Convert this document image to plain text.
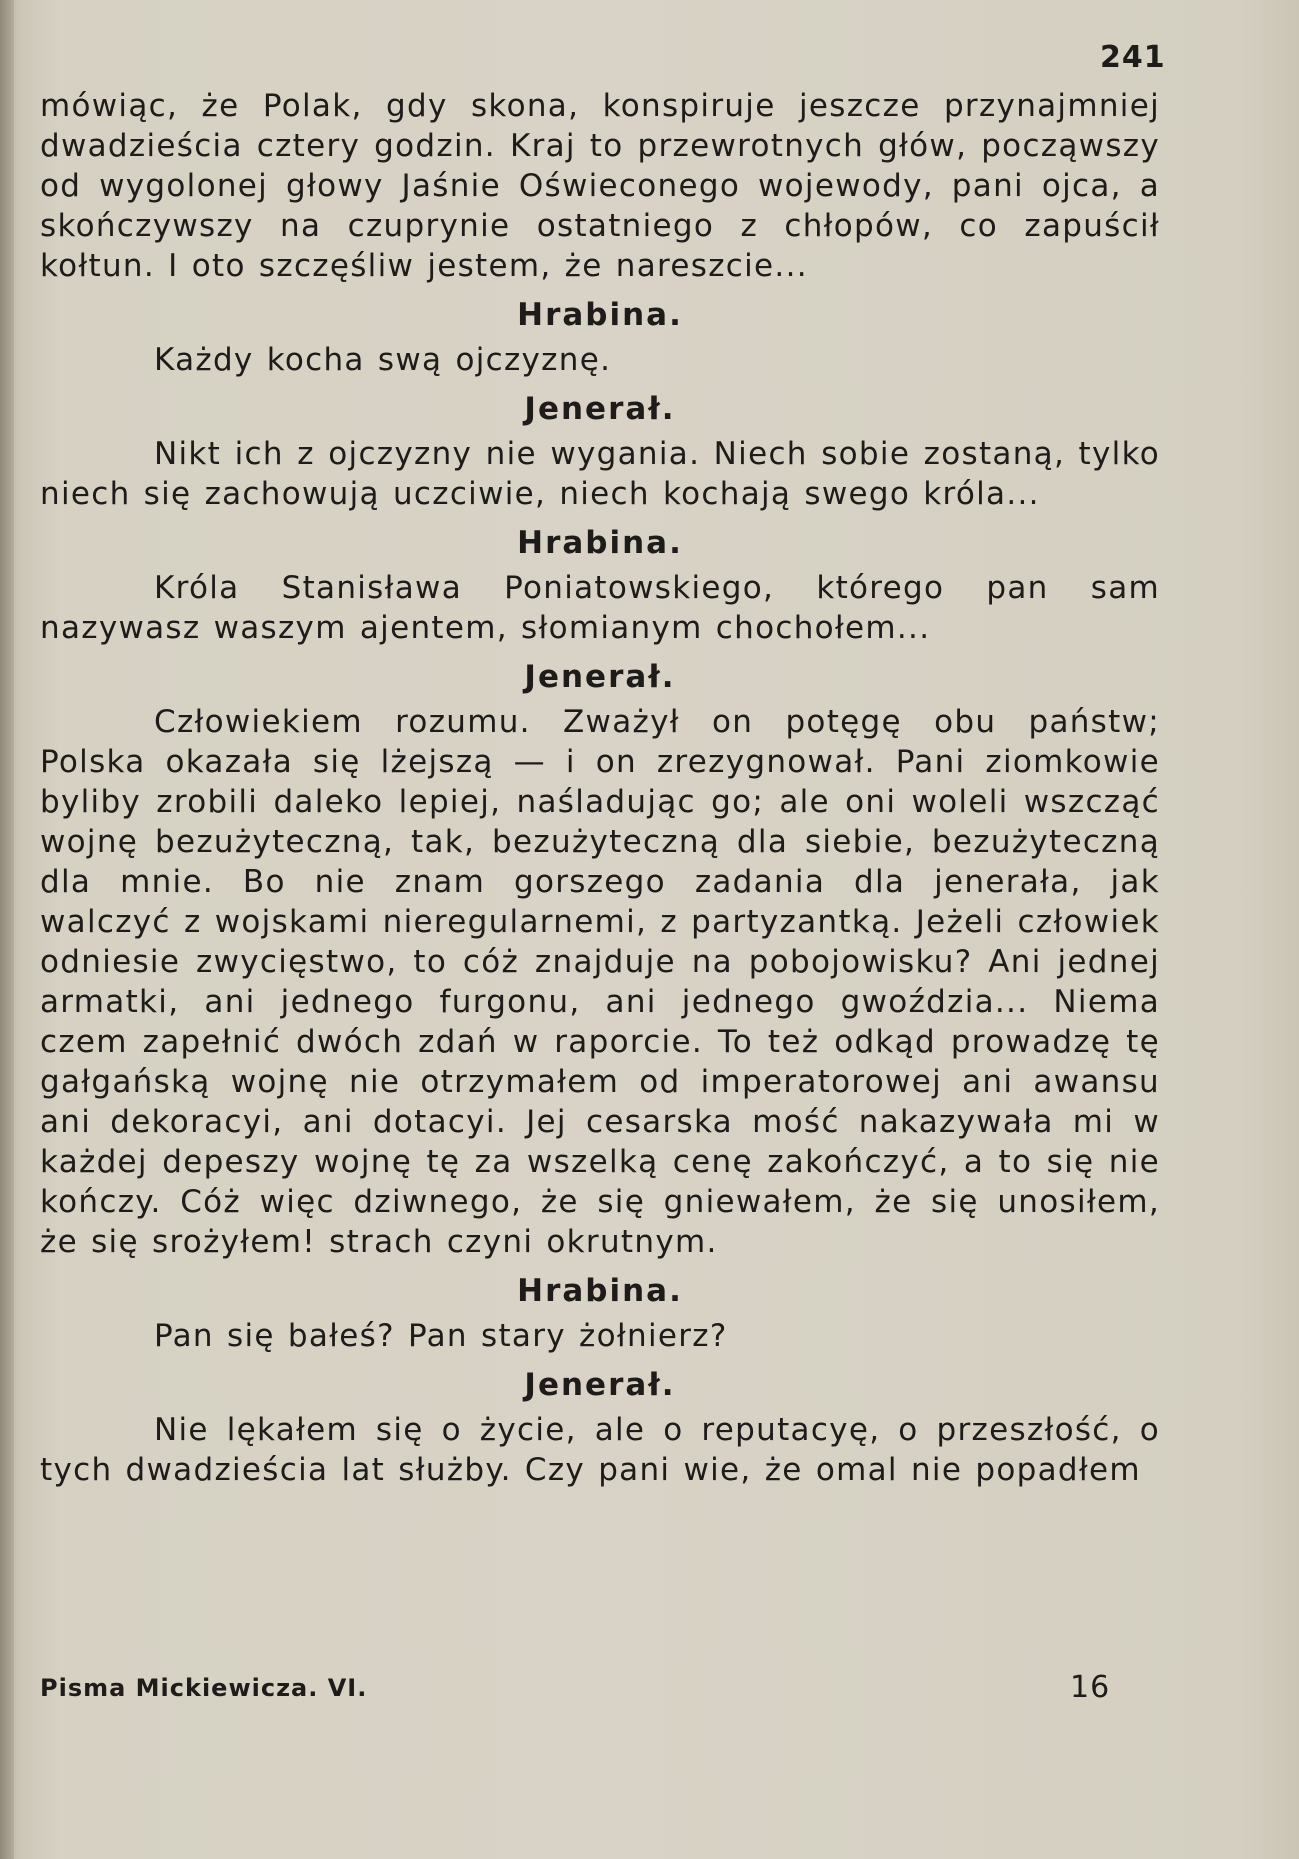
241

mówiąc, że Polak, gdy skona, konspiruje jeszcze przynajmniej dwadzieścia cztery godzin. Kraj to przewrotnych głów, począwszy od wygolonej głowy Jaśnie Oświeconego wojewody, pani ojca, a skończywszy na czuprynie ostatniego z chłopów, co zapuścił kołtun. I oto szczęśliw jestem, że nareszcie...

Hrabina.

Każdy kocha swą ojczyznę.

Jenerał.

Nikt ich z ojczyzny nie wygania. Niech sobie zostaną, tylko niech się zachowują uczciwie, niech kochają swego króla...

Hrabina.

Króla Stanisława Poniatowskiego, którego pan sam nazywasz waszym ajentem, słomianym chochołem...

Jenerał.

Człowiekiem rozumu. Zważył on potęgę obu państw; Polska okazała się lżejszą — i on zrezygnował. Pani ziomkowie byliby zrobili daleko lepiej, naśladując go; ale oni woleli wszcząć wojnę bezużyteczną, tak, bezużyteczną dla siebie, bezużyteczną dla mnie. Bo nie znam gorszego zadania dla jenerała, jak walczyć z wojskami nieregularnemi, z partyzantką. Jeżeli człowiek odniesie zwycięstwo, to cóż znajduje na pobojowisku? Ani jednej armatki, ani jednego furgonu, ani jednego gwoździa... Niema czem zapełnić dwóch zdań w raporcie. To też odkąd prowadzę tę gałgańską wojnę nie otrzymałem od imperatorowej ani awansu ani dekoracyi, ani dotacyi. Jej cesarska mość nakazywała mi w każdej depeszy wojnę tę za wszelką cenę zakończyć, a to się nie kończy. Cóż więc dziwnego, że się gniewałem, że się unosiłem, że się srożyłem! strach czyni okrutnym.

Hrabina.

Pan się bałeś? Pan stary żołnierz?

Jenerał.

Nie lękałem się o życie, ale o reputacyę, o przeszłość, o tych dwadzieścia lat służby. Czy pani wie, że omal nie popadłem

Pisma Mickiewicza. VI.	16
